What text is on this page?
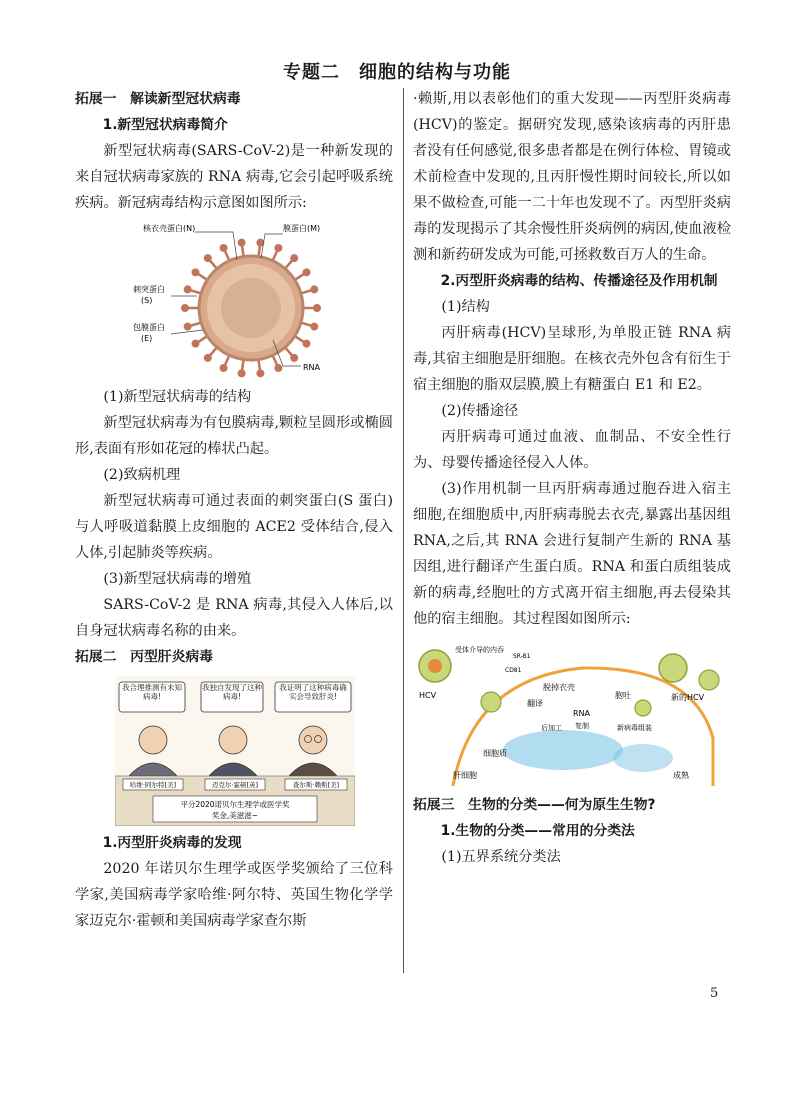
专题二　细胞的结构与功能

拓展一　解读新型冠状病毒

1.新型冠状病毒简介

新型冠状病毒(SARS-CoV-2)是一种新发现的来自冠状病毒家族的 RNA 病毒,它会引起呼吸系统疾病。新冠病毒结构示意图如图所示:

核衣壳蛋白(N)	膜蛋白(M)
刺突蛋白
(S)
包膜蛋白
(E)
RNA

(1)新型冠状病毒的结构

新型冠状病毒为有包膜病毒,颗粒呈圆形或椭圆形,表面有形如花冠的棒状凸起。

(2)致病机理

新型冠状病毒可通过表面的刺突蛋白(S 蛋白)与人呼吸道黏膜上皮细胞的 ACE2 受体结合,侵入人体,引起肺炎等疾病。

(3)新型冠状病毒的增殖

SARS-CoV-2 是 RNA 病毒,其侵入人体后,以自身冠状病毒名称的由来。

拓展二　丙型肝炎病毒

我合理推测有未知病毒!
我独自发现了这种病毒!
我证明了这种病毒确实会导致肝炎!
哈维·阿尔特[美]	迈克尔·霍顿[英]	查尔斯·赖斯[美]
平分2020诺贝尔生理学或医学奖
奖金,美滋滋~

1.丙型肝炎病毒的发现

2020 年诺贝尔生理学或医学奖颁给了三位科学家,美国病毒学家哈维·阿尔特、英国生物化学学家迈克尔·霍顿和美国病毒学家查尔斯

·赖斯,用以表彰他们的重大发现——丙型肝炎病毒(HCV)的鉴定。据研究发现,感染该病毒的丙肝患者没有任何感觉,很多患者都是在例行体检、胃镜或术前检查中发现的,且丙肝慢性期时间较长,所以如果不做检查,可能一二十年也发现不了。丙型肝炎病毒的发现揭示了其余慢性肝炎病例的病因,使血液检测和新药研发成为可能,可拯救数百万人的生命。

2.丙型肝炎病毒的结构、传播途径及作用机制

(1)结构

丙肝病毒(HCV)呈球形,为单股正链 RNA 病毒,其宿主细胞是肝细胞。在核衣壳外包含有衍生于宿主细胞的脂双层膜,膜上有糖蛋白 E1 和 E2。

(2)传播途径

丙肝病毒可通过血液、血制品、不安全性行为、母婴传播途径侵入人体。

(3)作用机制一旦丙肝病毒通过胞吞进入宿主细胞,在细胞质中,丙肝病毒脱去衣壳,暴露出基因组 RNA,之后,其 RNA 会进行复制产生新的 RNA 基因组,进行翻译产生蛋白质。RNA 和蛋白质组装成新的病毒,经胞吐的方式离开宿主细胞,再去侵染其他的宿主细胞。其过程图如图所示:

HCV
受体介导的内吞
SR-B1
CD81
脱掉衣壳
翻译
RNA
复制
后加工
胞吐
新病毒组装
新的HCV
细胞质
肝细胞	成熟

拓展三　生物的分类——何为原生生物?

1.生物的分类——常用的分类法

(1)五界系统分类法

5
